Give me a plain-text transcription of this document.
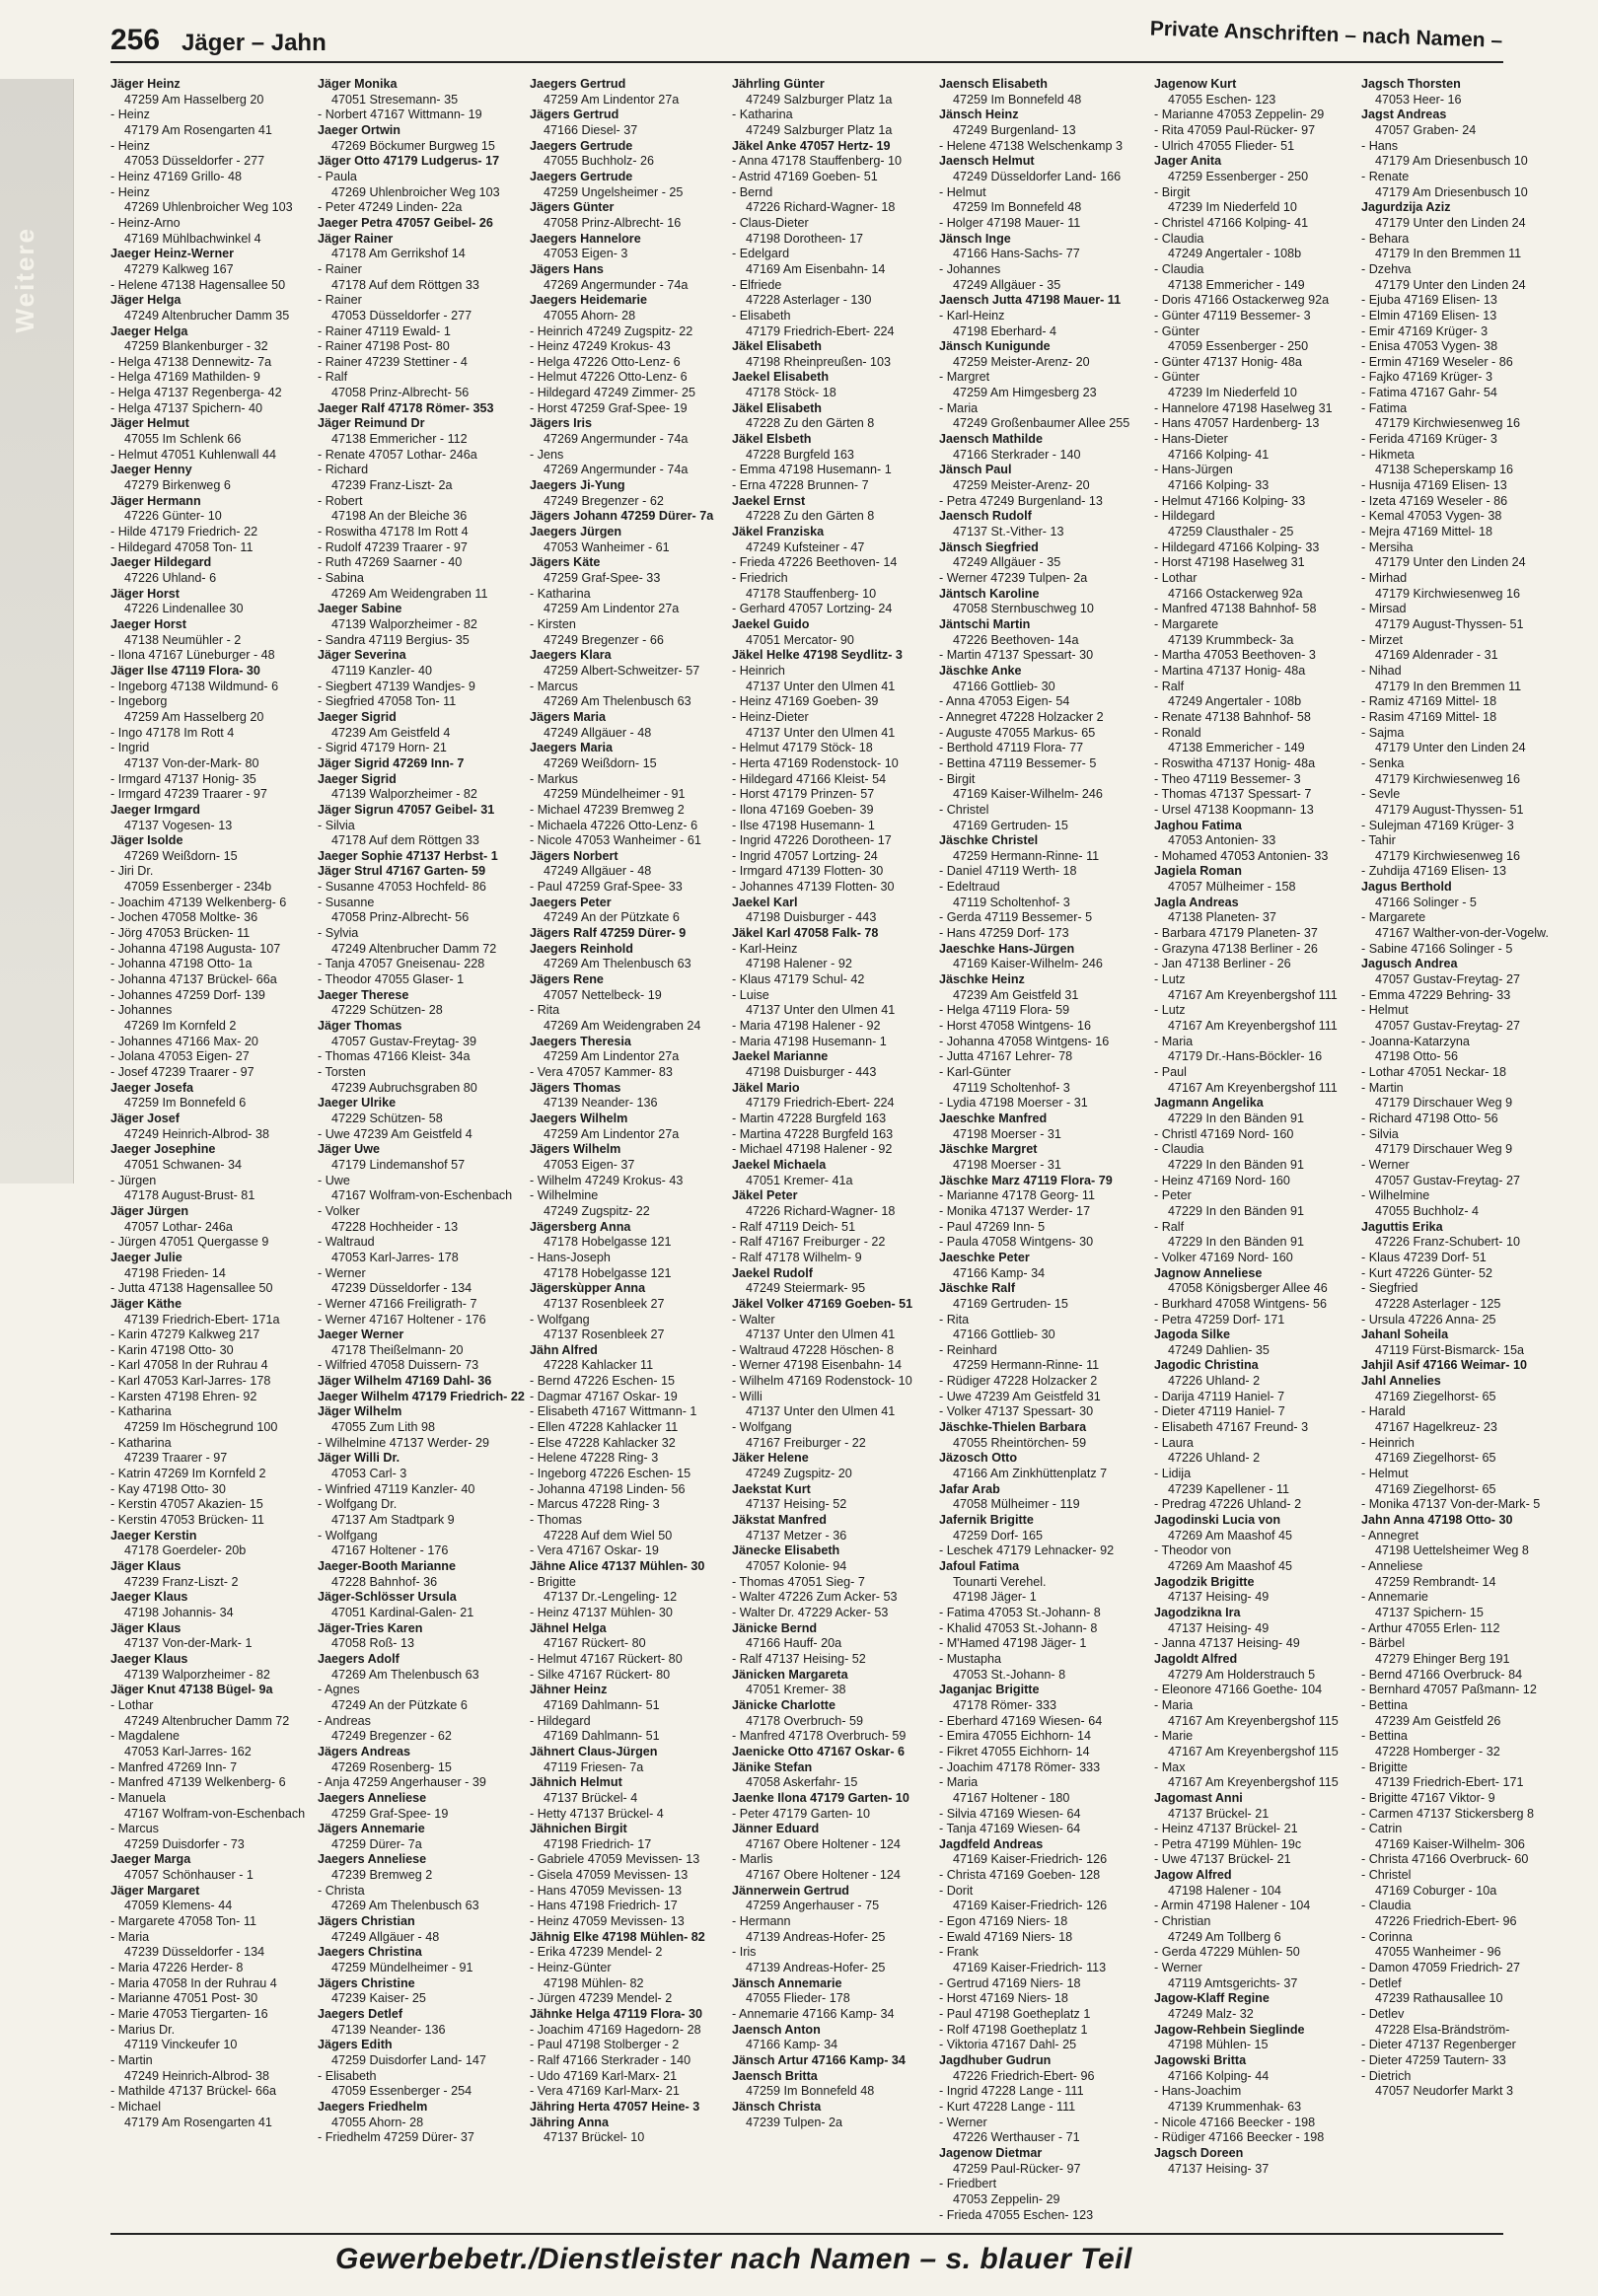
Weitere
256 Jäger – Jahn	Private Anschriften – nach Namen –
Jäger Heinz
47259 Am Hasselberg 20
- Heinz
47179 Am Rosengarten 41
- Heinz
47053 Düsseldorfer - 277
- Heinz 47169 Grillo- 48
- Heinz
47269 Uhlenbroicher Weg 103
- Heinz-Arno
47169 Mühlbachwinkel 4
Jaeger Heinz-Werner
47279 Kalkweg 167
- Helene 47138 Hagensallee 50
Jäger Helga
47249 Altenbrucher Damm 35
Jaeger Helga
47259 Blankenburger - 32
- Helga 47138 Dennewitz- 7a
- Helga 47169 Mathilden- 9
- Helga 47137 Regenberga- 42
- Helga 47137 Spichern- 40
Jäger Helmut
47055 Im Schlenk 66
- Helmut 47051 Kuhlenwall 44
Jaeger Henny
47279 Birkenweg 6
Jäger Hermann
47226 Günter- 10
- Hilde 47179 Friedrich- 22
- Hildegard 47058 Ton- 11
Jaeger Hildegard
47226 Uhland- 6
Jäger Horst
47226 Lindenallee 30
Jaeger Horst
47138 Neumühler - 2
- Ilona 47167 Lüneburger - 48
Jäger Ilse 47119 Flora- 30
- Ingeborg 47138 Wildmund- 6
- Ingeborg
47259 Am Hasselberg 20
- Ingo 47178 Im Rott 4
- Ingrid
47137 Von-der-Mark- 80
- Irmgard 47137 Honig- 35
- Irmgard 47239 Traarer - 97
Jaeger Irmgard
47137 Vogesen- 13
Jäger Isolde
47269 Weißdorn- 15
- Jiri Dr.
47059 Essenberger - 234b
- Joachim 47139 Welkenberg- 6
- Jochen 47058 Moltke- 36
- Jörg 47053 Brücken- 11
- Johanna 47198 Augusta- 107
- Johanna 47198 Otto- 1a
- Johanna 47137 Brückel- 66a
- Johannes 47259 Dorf- 139
- Johannes
47269 Im Kornfeld 2
- Johannes 47166 Max- 20
- Jolana 47053 Eigen- 27
- Josef 47239 Traarer - 97
Jaeger Josefa
47259 Im Bonnefeld 6
Jäger Josef
47249 Heinrich-Albrod- 38
Jaeger Josephine
47051 Schwanen- 34
- Jürgen
47178 August-Brust- 81
Jäger Jürgen
47057 Lothar- 246a
- Jürgen 47051 Quergasse 9
Jaeger Julie
47198 Frieden- 14
- Jutta 47138 Hagensallee 50
Jäger Käthe
47139 Friedrich-Ebert- 171a
- Karin 47279 Kalkweg 217
- Karin 47198 Otto- 30
- Karl 47058 In der Ruhrau 4
- Karl 47053 Karl-Jarres- 178
- Karsten 47198 Ehren- 92
- Katharina
47259 Im Höschegrund 100
- Katharina
47239 Traarer - 97
- Katrin 47269 Im Kornfeld 2
- Kay 47198 Otto- 30
- Kerstin 47057 Akazien- 15
- Kerstin 47053 Brücken- 11
Jaeger Kerstin
47178 Goerdeler- 20b
Jäger Klaus
47239 Franz-Liszt- 2
Jaeger Klaus
47198 Johannis- 34
Jäger Klaus
47137 Von-der-Mark- 1
Jaeger Klaus
47139 Walporzheimer - 82
Jäger Knut 47138 Bügel- 9a
- Lothar
47249 Altenbrucher Damm 72
- Magdalene
47053 Karl-Jarres- 162
- Manfred 47269 Inn- 7
- Manfred 47139 Welkenberg- 6
- Manuela
47167 Wolfram-von-Eschenbach
- Marcus
47259 Duisdorfer - 73
Jaeger Marga
47057 Schönhauser - 1
Jäger Margaret
47059 Klemens- 44
- Margarete 47058 Ton- 11
- Maria
47239 Düsseldorfer - 134
- Maria 47226 Herder- 8
- Maria 47058 In der Ruhrau 4
- Marianne 47051 Post- 30
- Marie 47053 Tiergarten- 16
- Marius Dr.
47119 Vinckeufer 10
- Martin
47249 Heinrich-Albrod- 38
- Mathilde 47137 Brückel- 66a
- Michael
47179 Am Rosengarten 41
Jäger Monika
47051 Stresemann- 35
- Norbert 47167 Wittmann- 19
Jaeger Ortwin
47269 Böckumer Burgweg 15
Jäger Otto 47179 Ludgerus- 17
- Paula
47269 Uhlenbroicher Weg 103
- Peter 47249 Linden- 22a
Jaeger Petra 47057 Geibel- 26
Jäger Rainer
47178 Am Gerrikshof 14
- Rainer
47178 Auf dem Röttgen 33
- Rainer
47053 Düsseldorfer - 277
- Rainer 47119 Ewald- 1
- Rainer 47198 Post- 80
- Rainer 47239 Stettiner - 4
- Ralf
47058 Prinz-Albrecht- 56
Jaeger Ralf 47178 Römer- 353
Jäger Reimund Dr
47138 Emmericher - 112
- Renate 47057 Lothar- 246a
- Richard
47239 Franz-Liszt- 2a
- Robert
47198 An der Bleiche 36
- Roswitha 47178 Im Rott 4
- Rudolf 47239 Traarer - 97
- Ruth 47269 Saarner - 40
- Sabina
47269 Am Weidengraben 11
Jaeger Sabine
47139 Walporzheimer - 82
- Sandra 47119 Bergius- 35
Jäger Severina
47119 Kanzler- 40
- Siegbert 47139 Wandjes- 9
- Siegfried 47058 Ton- 11
Jaeger Sigrid
47239 Am Geistfeld 4
- Sigrid 47179 Horn- 21
Jäger Sigrid 47269 Inn- 7
Jaeger Sigrid
47139 Walporzheimer - 82
Jäger Sigrun 47057 Geibel- 31
- Silvia
47178 Auf dem Röttgen 33
Jaeger Sophie 47137 Herbst- 1
Jäger Strul 47167 Garten- 59
- Susanne 47053 Hochfeld- 86
- Susanne
47058 Prinz-Albrecht- 56
- Sylvia
47249 Altenbrucher Damm 72
- Tanja 47057 Gneisenau- 228
- Theodor 47055 Glaser- 1
Jaeger Therese
47229 Schützen- 28
Jäger Thomas
47057 Gustav-Freytag- 39
- Thomas 47166 Kleist- 34a
- Torsten
47239 Aubruchsgraben 80
Jaeger Ulrike
47229 Schützen- 58
- Uwe 47239 Am Geistfeld 4
Jäger Uwe
47179 Lindemanshof 57
- Uwe
47167 Wolfram-von-Eschenbach
- Volker
47228 Hochheider - 13
- Waltraud
47053 Karl-Jarres- 178
- Werner
47239 Düsseldorfer - 134
- Werner 47166 Freiligrath- 7
- Werner 47167 Holtener - 176
Jaeger Werner
47178 Theißelmann- 20
- Wilfried 47058 Duissern- 73
Jäger Wilhelm 47169 Dahl- 36
Jaeger Wilhelm 47179 Friedrich- 22
Jäger Wilhelm
47055 Zum Lith 98
- Wilhelmine 47137 Werder- 29
Jäger Willi Dr.
47053 Carl- 3
- Winfried 47119 Kanzler- 40
- Wolfgang Dr.
47137 Am Stadtpark 9
- Wolfgang
47167 Holtener - 176
Jaeger-Booth Marianne
47228 Bahnhof- 36
Jäger-Schlösser Ursula
47051 Kardinal-Galen- 21
Jäger-Tries Karen
47058 Roß- 13
Jaegers Adolf
47269 Am Thelenbusch 63
- Agnes
47249 An der Pützkate 6
- Andreas
47249 Bregenzer - 62
Jägers Andreas
47269 Rosenberg- 15
- Anja 47259 Angerhauser - 39
Jaegers Anneliese
47259 Graf-Spee- 19
Jägers Annemarie
47259 Dürer- 7a
Jaegers Anneliese
47239 Bremweg 2
- Christa
47269 Am Thelenbusch 63
Jägers Christian
47249 Allgäuer - 48
Jaegers Christina
47259 Mündelheimer - 91
Jägers Christine
47239 Kaiser- 25
Jaegers Detlef
47139 Neander- 136
Jägers Edith
47259 Duisdorfer Land- 147
- Elisabeth
47059 Essenberger - 254
Jaegers Friedhelm
47055 Ahorn- 28
- Friedhelm 47259 Dürer- 37
Jaegers Gertrud
47259 Am Lindentor 27a
Jägers Gertrud
47166 Diesel- 37
Jaegers Gertrude
47055 Buchholz- 26
Jaegers Gertrude
47259 Ungelsheimer - 25
Jägers Günter
47058 Prinz-Albrecht- 16
Jaegers Hannelore
47053 Eigen- 3
Jägers Hans
47269 Angermunder - 74a
Jaegers Heidemarie
47055 Ahorn- 28
- Heinrich 47249 Zugspitz- 22
- Heinz 47249 Krokus- 43
- Helga 47226 Otto-Lenz- 6
- Helmut 47226 Otto-Lenz- 6
- Hildegard 47249 Zimmer- 25
- Horst 47259 Graf-Spee- 19
Jägers Iris
47269 Angermunder - 74a
- Jens
47269 Angermunder - 74a
Jaegers Ji-Yung
47249 Bregenzer - 62
Jägers Johann 47259 Dürer- 7a
Jaegers Jürgen
47053 Wanheimer - 61
Jägers Käte
47259 Graf-Spee- 33
- Katharina
47259 Am Lindentor 27a
- Kirsten
47249 Bregenzer - 66
Jaegers Klara
47259 Albert-Schweitzer- 57
- Marcus
47269 Am Thelenbusch 63
Jägers Maria
47249 Allgäuer - 48
Jaegers Maria
47269 Weißdorn- 15
- Markus
47259 Mündelheimer - 91
- Michael 47239 Bremweg 2
- Michaela 47226 Otto-Lenz- 6
- Nicole 47053 Wanheimer - 61
Jägers Norbert
47249 Allgäuer - 48
- Paul 47259 Graf-Spee- 33
Jaegers Peter
47249 An der Pützkate 6
Jägers Ralf 47259 Dürer- 9
Jaegers Reinhold
47269 Am Thelenbusch 63
Jägers Rene
47057 Nettelbeck- 19
- Rita
47269 Am Weidengraben 24
Jaegers Theresia
47259 Am Lindentor 27a
- Vera 47057 Kammer- 83
Jägers Thomas
47139 Neander- 136
Jaegers Wilhelm
47259 Am Lindentor 27a
Jägers Wilhelm
47053 Eigen- 37
- Wilhelm 47249 Krokus- 43
- Wilhelmine
47249 Zugspitz- 22
Jägersberg Anna
47178 Hobelgasse 121
- Hans-Joseph
47178 Hobelgasse 121
Jägerskùpper Anna
47137 Rosenbleek 27
- Wolfgang
47137 Rosenbleek 27
Jähn Alfred
47228 Kahlacker 11
- Bernd 47226 Eschen- 15
- Dagmar 47167 Oskar- 19
- Elisabeth 47167 Wittmann- 1
- Ellen 47228 Kahlacker 11
- Else 47228 Kahlacker 32
- Helene 47228 Ring- 3
- Ingeborg 47226 Eschen- 15
- Johanna 47198 Linden- 56
- Marcus 47228 Ring- 3
- Thomas
47228 Auf dem Wiel 50
- Vera 47167 Oskar- 19
Jähne Alice 47137 Mühlen- 30
- Brigitte
47137 Dr.-Lengeling- 12
- Heinz 47137 Mühlen- 30
Jähnel Helga
47167 Rückert- 80
- Helmut 47167 Rückert- 80
- Silke 47167 Rückert- 80
Jähner Heinz
47169 Dahlmann- 51
- Hildegard
47169 Dahlmann- 51
Jähnert Claus-Jürgen
47119 Friesen- 7a
Jähnich Helmut
47137 Brückel- 4
- Hetty 47137 Brückel- 4
Jähnichen Birgit
47198 Friedrich- 17
- Gabriele 47059 Mevissen- 13
- Gisela 47059 Mevissen- 13
- Hans 47059 Mevissen- 13
- Hans 47198 Friedrich- 17
- Heinz 47059 Mevissen- 13
Jähnig Elke 47198 Mühlen- 82
- Erika 47239 Mendel- 2
- Heinz-Günter
47198 Mühlen- 82
- Jürgen 47239 Mendel- 2
Jähnke Helga 47119 Flora- 30
- Joachim 47169 Hagedorn- 28
- Paul 47198 Stolberger - 2
- Ralf 47166 Sterkrader - 140
- Udo 47169 Karl-Marx- 21
- Vera 47169 Karl-Marx- 21
Jähring Herta 47057 Heine- 3
Jähring Anna
47137 Brückel- 10
Jährling Günter
47249 Salzburger Platz 1a
- Katharina
47249 Salzburger Platz 1a
Jäkel Anke 47057 Hertz- 19
- Anna 47178 Stauffenberg- 10
- Astrid 47169 Goeben- 51
- Bernd
47226 Richard-Wagner- 18
- Claus-Dieter
47198 Dorotheen- 17
- Edelgard
47169 Am Eisenbahn- 14
- Elfriede
47228 Asterlager - 130
- Elisabeth
47179 Friedrich-Ebert- 224
Jäkel Elisabeth
47198 Rheinpreußen- 103
Jaekel Elisabeth
47178 Stöck- 18
Jäkel Elisabeth
47228 Zu den Gärten 8
Jäkel Elsbeth
47228 Burgfeld 163
- Emma 47198 Husemann- 1
- Erna 47228 Brunnen- 7
Jaekel Ernst
47228 Zu den Gärten 8
Jäkel Franziska
47249 Kufsteiner - 47
- Frieda 47226 Beethoven- 14
- Friedrich
47178 Stauffenberg- 10
- Gerhard 47057 Lortzing- 24
Jaekel Guido
47051 Mercator- 90
Jäkel Helke 47198 Seydlitz- 3
- Heinrich
47137 Unter den Ulmen 41
- Heinz 47169 Goeben- 39
- Heinz-Dieter
47137 Unter den Ulmen 41
- Helmut 47179 Stöck- 18
- Herta 47169 Rodenstock- 10
- Hildegard 47166 Kleist- 54
- Horst 47179 Prinzen- 57
- Ilona 47169 Goeben- 39
- Ilse 47198 Husemann- 1
- Ingrid 47226 Dorotheen- 17
- Ingrid 47057 Lortzing- 24
- Irmgard 47139 Flotten- 30
- Johannes 47139 Flotten- 30
Jaekel Karl
47198 Duisburger - 443
Jäkel Karl 47058 Falk- 78
- Karl-Heinz
47198 Halener - 92
- Klaus 47179 Schul- 42
- Luise
47137 Unter den Ulmen 41
- Maria 47198 Halener - 92
- Maria 47198 Husemann- 1
Jaekel Marianne
47198 Duisburger - 443
Jäkel Mario
47179 Friedrich-Ebert- 224
- Martin 47228 Burgfeld 163
- Martina 47228 Burgfeld 163
- Michael 47198 Halener - 92
Jaekel Michaela
47051 Kremer- 41a
Jäkel Peter
47226 Richard-Wagner- 18
- Ralf 47119 Deich- 51
- Ralf 47167 Freiburger - 22
- Ralf 47178 Wilhelm- 9
Jaekel Rudolf
47249 Steiermark- 95
Jäkel Volker 47169 Goeben- 51
- Walter
47137 Unter den Ulmen 41
- Waltraud 47228 Höschen- 8
- Werner 47198 Eisenbahn- 14
- Wilhelm 47169 Rodenstock- 10
- Willi
47137 Unter den Ulmen 41
- Wolfgang
47167 Freiburger - 22
Jäker Helene
47249 Zugspitz- 20
Jaekstat Kurt
47137 Heising- 52
Jäkstat Manfred
47137 Metzer - 36
Jänecke Elisabeth
47057 Kolonie- 94
- Thomas 47051 Sieg- 7
- Walter 47226 Zum Acker- 53
- Walter Dr. 47229 Acker- 53
Jänicke Bernd
47166 Hauff- 20a
- Ralf 47137 Heising- 52
Jänicken Margareta
47051 Kremer- 38
Jänicke Charlotte
47178 Overbruch- 59
- Manfred 47178 Overbruch- 59
Jaenicke Otto 47167 Oskar- 6
Jänike Stefan
47058 Askerfahr- 15
Jaenke Ilona 47179 Garten- 10
- Peter 47179 Garten- 10
Jänner Eduard
47167 Obere Holtener - 124
- Marlis
47167 Obere Holtener - 124
Jännerwein Gertrud
47259 Angerhauser - 75
- Hermann
47139 Andreas-Hofer- 25
- Iris
47139 Andreas-Hofer- 25
Jänsch Annemarie
47055 Flieder- 178
- Annemarie 47166 Kamp- 34
Jaensch Anton
47166 Kamp- 34
Jänsch Artur 47166 Kamp- 34
Jaensch Britta
47259 Im Bonnefeld 48
Jänsch Christa
47239 Tulpen- 2a
Jaensch Elisabeth
47259 Im Bonnefeld 48
Jänsch Heinz
47249 Burgenland- 13
- Helene 47138 Welschenkamp 3
Jaensch Helmut
47249 Düsseldorfer Land- 166
- Helmut
47259 Im Bonnefeld 48
- Holger 47198 Mauer- 11
Jänsch Inge
47166 Hans-Sachs- 77
- Johannes
47249 Allgäuer - 35
Jaensch Jutta 47198 Mauer- 11
- Karl-Heinz
47198 Eberhard- 4
Jänsch Kunigunde
47259 Meister-Arenz- 20
- Margret
47259 Am Himgesberg 23
- Maria
47249 Großenbaumer Allee 255
Jaensch Mathilde
47166 Sterkrader - 140
Jänsch Paul
47259 Meister-Arenz- 20
- Petra 47249 Burgenland- 13
Jaensch Rudolf
47137 St.-Vither- 13
Jänsch Siegfried
47249 Allgäuer - 35
- Werner 47239 Tulpen- 2a
Jäntsch Karoline
47058 Sternbuschweg 10
Jäntschi Martin
47226 Beethoven- 14a
- Martin 47137 Spessart- 30
Jäschke Anke
47166 Gottlieb- 30
- Anna 47053 Eigen- 54
- Annegret 47228 Holzacker 2
- Auguste 47055 Markus- 65
- Berthold 47119 Flora- 77
- Bettina 47119 Bessemer- 5
- Birgit
47169 Kaiser-Wilhelm- 246
- Christel
47169 Gertruden- 15
Jäschke Christel
47259 Hermann-Rinne- 11
- Daniel 47119 Werth- 18
- Edeltraud
47119 Scholtenhof- 3
- Gerda 47119 Bessemer- 5
- Hans 47259 Dorf- 173
Jaeschke Hans-Jürgen
47169 Kaiser-Wilhelm- 246
Jäschke Heinz
47239 Am Geistfeld 31
- Helga 47119 Flora- 59
- Horst 47058 Wintgens- 16
- Johanna 47058 Wintgens- 16
- Jutta 47167 Lehrer- 78
- Karl-Günter
47119 Scholtenhof- 3
- Lydia 47198 Moerser - 31
Jaeschke Manfred
47198 Moerser - 31
Jäschke Margret
47198 Moerser - 31
Jäschke Marz 47119 Flora- 79
- Marianne 47178 Georg- 11
- Monika 47137 Werder- 17
- Paul 47269 Inn- 5
- Paula 47058 Wintgens- 30
Jaeschke Peter
47166 Kamp- 34
Jäschke Ralf
47169 Gertruden- 15
- Rita
47166 Gottlieb- 30
- Reinhard
47259 Hermann-Rinne- 11
- Rüdiger 47228 Holzacker 2
- Uwe 47239 Am Geistfeld 31
- Volker 47137 Spessart- 30
Jäschke-Thielen Barbara
47055 Rheintörchen- 59
Jäzosch Otto
47166 Am Zinkhüttenplatz 7
Jafar Arab
47058 Mülheimer - 119
Jafernik Brigitte
47259 Dorf- 165
- Leschek 47179 Lehnacker- 92
Jafoul Fatima
Tounarti Verehel.
47198 Jäger- 1
- Fatima 47053 St.-Johann- 8
- Khalid 47053 St.-Johann- 8
- M'Hamed 47198 Jäger- 1
- Mustapha
47053 St.-Johann- 8
Jaganjac Brigitte
47178 Römer- 333
- Eberhard 47169 Wiesen- 64
- Emira 47055 Eichhorn- 14
- Fikret 47055 Eichhorn- 14
- Joachim 47178 Römer- 333
- Maria
47167 Holtener - 180
- Silvia 47169 Wiesen- 64
- Tanja 47169 Wiesen- 64
Jagdfeld Andreas
47169 Kaiser-Friedrich- 126
- Christa 47169 Goeben- 128
- Dorit
47169 Kaiser-Friedrich- 126
- Egon 47169 Niers- 18
- Ewald 47169 Niers- 18
- Frank
47169 Kaiser-Friedrich- 113
- Gertrud 47169 Niers- 18
- Horst 47169 Niers- 18
- Paul 47198 Goetheplatz 1
- Rolf 47198 Goetheplatz 1
- Viktoria 47167 Dahl- 25
Jagdhuber Gudrun
47226 Friedrich-Ebert- 96
- Ingrid 47228 Lange - 111
- Kurt 47228 Lange - 111
- Werner
47226 Werthauser - 71
Jagenow Dietmar
47259 Paul-Rücker- 97
- Friedbert
47053 Zeppelin- 29
- Frieda 47055 Eschen- 123
Jagenow Kurt
47055 Eschen- 123
- Marianne 47053 Zeppelin- 29
- Rita 47059 Paul-Rücker- 97
- Ulrich 47055 Flieder- 51
Jager Anita
47259 Essenberger - 250
- Birgit
47239 Im Niederfeld 10
- Christel 47166 Kolping- 41
- Claudia
47249 Angertaler - 108b
- Claudia
47138 Emmericher - 149
- Doris 47166 Ostackerweg 92a
- Günter 47119 Bessemer- 3
- Günter
47059 Essenberger - 250
- Günter 47137 Honig- 48a
- Günter
47239 Im Niederfeld 10
- Hannelore 47198 Haselweg 31
- Hans 47057 Hardenberg- 13
- Hans-Dieter
47166 Kolping- 41
- Hans-Jürgen
47166 Kolping- 33
- Helmut 47166 Kolping- 33
- Hildegard
47259 Clausthaler - 25
- Hildegard 47166 Kolping- 33
- Horst 47198 Haselweg 31
- Lothar
47166 Ostackerweg 92a
- Manfred 47138 Bahnhof- 58
- Margarete
47139 Krummbeck- 3a
- Martha 47053 Beethoven- 3
- Martina 47137 Honig- 48a
- Ralf
47249 Angertaler - 108b
- Renate 47138 Bahnhof- 58
- Ronald
47138 Emmericher - 149
- Roswitha 47137 Honig- 48a
- Theo 47119 Bessemer- 3
- Thomas 47137 Spessart- 7
- Ursel 47138 Koopmann- 13
Jaghou Fatima
47053 Antonien- 33
- Mohamed 47053 Antonien- 33
Jagiela Roman
47057 Mülheimer - 158
Jagla Andreas
47138 Planeten- 37
- Barbara 47179 Planeten- 37
- Grazyna 47138 Berliner - 26
- Jan 47138 Berliner - 26
- Lutz
47167 Am Kreyenbergshof 111
- Lutz
47167 Am Kreyenbergshof 111
- Maria
47179 Dr.-Hans-Böckler- 16
- Paul
47167 Am Kreyenbergshof 111
Jagmann Angelika
47229 In den Bänden 91
- Christl 47169 Nord- 160
- Claudia
47229 In den Bänden 91
- Heinz 47169 Nord- 160
- Peter
47229 In den Bänden 91
- Ralf
47229 In den Bänden 91
- Volker 47169 Nord- 160
Jagnow Anneliese
47058 Königsberger Allee 46
- Burkhard 47058 Wintgens- 56
- Petra 47259 Dorf- 171
Jagoda Silke
47249 Dahlien- 35
Jagodic Christina
47226 Uhland- 2
- Darija 47119 Haniel- 7
- Dieter 47119 Haniel- 7
- Elisabeth 47167 Freund- 3
- Laura
47226 Uhland- 2
- Lidija
47239 Kapellener - 11
- Predrag 47226 Uhland- 2
Jagodinski Lucia von
47269 Am Maashof 45
- Theodor von
47269 Am Maashof 45
Jagodzik Brigitte
47137 Heising- 49
Jagodzikna Ira
47137 Heising- 49
- Janna 47137 Heising- 49
Jagoldt Alfred
47279 Am Holderstrauch 5
- Eleonore 47166 Goethe- 104
- Maria
47167 Am Kreyenbergshof 115
- Marie
47167 Am Kreyenbergshof 115
- Max
47167 Am Kreyenbergshof 115
Jagomast Anni
47137 Brückel- 21
- Heinz 47137 Brückel- 21
- Petra 47199 Mühlen- 19c
- Uwe 47137 Brückel- 21
Jagow Alfred
47198 Halener - 104
- Armin 47198 Halener - 104
- Christian
47249 Am Tollberg 6
- Gerda 47229 Mühlen- 50
- Werner
47119 Amtsgerichts- 37
Jagow-Klaff Regine
47249 Malz- 32
Jagow-Rehbein Sieglinde
47198 Mühlen- 15
Jagowski Britta
47166 Kolping- 44
- Hans-Joachim
47139 Krummenhak- 63
- Nicole 47166 Beecker - 198
- Rüdiger 47166 Beecker - 198
Jagsch Doreen
47137 Heising- 37
Jagsch Thorsten
47053 Heer- 16
Jagst Andreas
47057 Graben- 24
- Hans
47179 Am Driesenbusch 10
- Renate
47179 Am Driesenbusch 10
Jagurdzija Aziz
47179 Unter den Linden 24
- Behara
47179 In den Bremmen 11
- Dzehva
47179 Unter den Linden 24
- Ejuba 47169 Elisen- 13
- Elmin 47169 Elisen- 13
- Emir 47169 Krüger- 3
- Enisa 47053 Vygen- 38
- Ermin 47169 Weseler - 86
- Fajko 47169 Krüger- 3
- Fatima 47167 Gahr- 54
- Fatima
47179 Kirchwiesenweg 16
- Ferida 47169 Krüger- 3
- Hikmeta
47138 Scheperskamp 16
- Husnija 47169 Elisen- 13
- Izeta 47169 Weseler - 86
- Kemal 47053 Vygen- 38
- Mejra 47169 Mittel- 18
- Mersiha
47179 Unter den Linden 24
- Mirhad
47179 Kirchwiesenweg 16
- Mirsad
47179 August-Thyssen- 51
- Mirzet
47169 Aldenrader - 31
- Nihad
47179 In den Bremmen 11
- Ramiz 47169 Mittel- 18
- Rasim 47169 Mittel- 18
- Sajma
47179 Unter den Linden 24
- Senka
47179 Kirchwiesenweg 16
- Sevle
47179 August-Thyssen- 51
- Sulejman 47169 Krüger- 3
- Tahir
47179 Kirchwiesenweg 16
- Zuhdija 47169 Elisen- 13
Jagus Berthold
47166 Solinger - 5
- Margarete
47167 Walther-von-der-Vogelw.
- Sabine 47166 Solinger - 5
Jagusch Andrea
47057 Gustav-Freytag- 27
- Emma 47229 Behring- 33
- Helmut
47057 Gustav-Freytag- 27
- Joanna-Katarzyna
47198 Otto- 56
- Lothar 47051 Neckar- 18
- Martin
47179 Dirschauer Weg 9
- Richard 47198 Otto- 56
- Silvia
47179 Dirschauer Weg 9
- Werner
47057 Gustav-Freytag- 27
- Wilhelmine
47055 Buchholz- 4
Jaguttis Erika
47226 Franz-Schubert- 10
- Klaus 47239 Dorf- 51
- Kurt 47226 Günter- 52
- Siegfried
47228 Asterlager - 125
- Ursula 47226 Anna- 25
Jahanl Soheila
47119 Fürst-Bismarck- 15a
Jahjil Asif 47166 Weimar- 10
Jahl Annelies
47169 Ziegelhorst- 65
- Harald
47167 Hagelkreuz- 23
- Heinrich
47169 Ziegelhorst- 65
- Helmut
47169 Ziegelhorst- 65
- Monika 47137 Von-der-Mark- 5
Jahn Anna 47198 Otto- 30
- Annegret
47198 Uettelsheimer Weg 8
- Anneliese
47259 Rembrandt- 14
- Annemarie
47137 Spichern- 15
- Arthur 47055 Erlen- 112
- Bärbel
47279 Ehinger Berg 191
- Bernd 47166 Overbruck- 84
- Bernhard 47057 Paßmann- 12
- Bettina
47239 Am Geistfeld 26
- Bettina
47228 Homberger - 32
- Brigitte
47139 Friedrich-Ebert- 171
- Brigitte 47167 Viktor- 9
- Carmen 47137 Stickersberg 8
- Catrin
47169 Kaiser-Wilhelm- 306
- Christa 47166 Overbruck- 60
- Christel
47169 Coburger - 10a
- Claudia
47226 Friedrich-Ebert- 96
- Corinna
47055 Wanheimer - 96
- Damon 47059 Friedrich- 27
- Detlef
47239 Rathausallee 10
- Detlev
47228 Elsa-Brändström-
- Dieter 47137 Regenberger
- Dieter 47259 Tautern- 33
- Dietrich
47057 Neudorfer Markt 3
Gewerbebetr./Dienstleister nach Namen – s. blauer Teil
